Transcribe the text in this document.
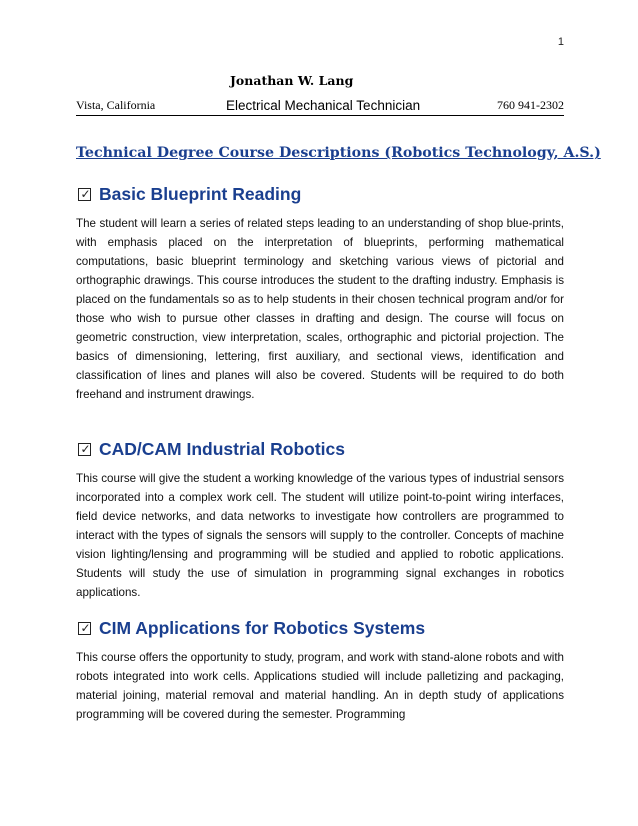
1
Jonathan W. Lang
Vista, California	Electrical Mechanical Technician	760 941-2302
Technical Degree Course Descriptions (Robotics Technology, A.S.)
✓
Basic Blueprint Reading

The student will learn a series of related steps leading to an understanding of shop blue-prints, with emphasis placed on the interpretation of blueprints, performing mathematical computations, basic blueprint terminology and sketching various views of pictorial and orthographic drawings. This course introduces the student to the drafting industry. Emphasis is placed on the fundamentals so as to help students in their chosen technical program and/or for those who wish to pursue other classes in drafting and design. The course will focus on geometric construction, view interpretation, scales, orthographic and pictorial projection. The basics of dimensioning, lettering, first auxiliary, and sectional views, identification and classification of lines and planes will also be covered. Students will be required to do both freehand and instrument drawings.

✓
CAD/CAM Industrial Robotics

This course will give the student a working knowledge of the various types of industrial sensors incorporated into a complex work cell. The student will utilize point-to-point wiring interfaces, field device networks, and data networks to investigate how controllers are programmed to interact with the types of signals the sensors will supply to the controller. Concepts of machine vision lighting/lensing and programming will be studied and applied to robotic applications. Students will study the use of simulation in programming signal exchanges in robotics applications.

✓
CIM Applications for Robotics Systems

This course offers the opportunity to study, program, and work with stand-alone robots and with robots integrated into work cells. Applications studied will include palletizing and packaging, material joining, material removal and material handling. An in depth study of applications programming will be covered during the semester. Programming
